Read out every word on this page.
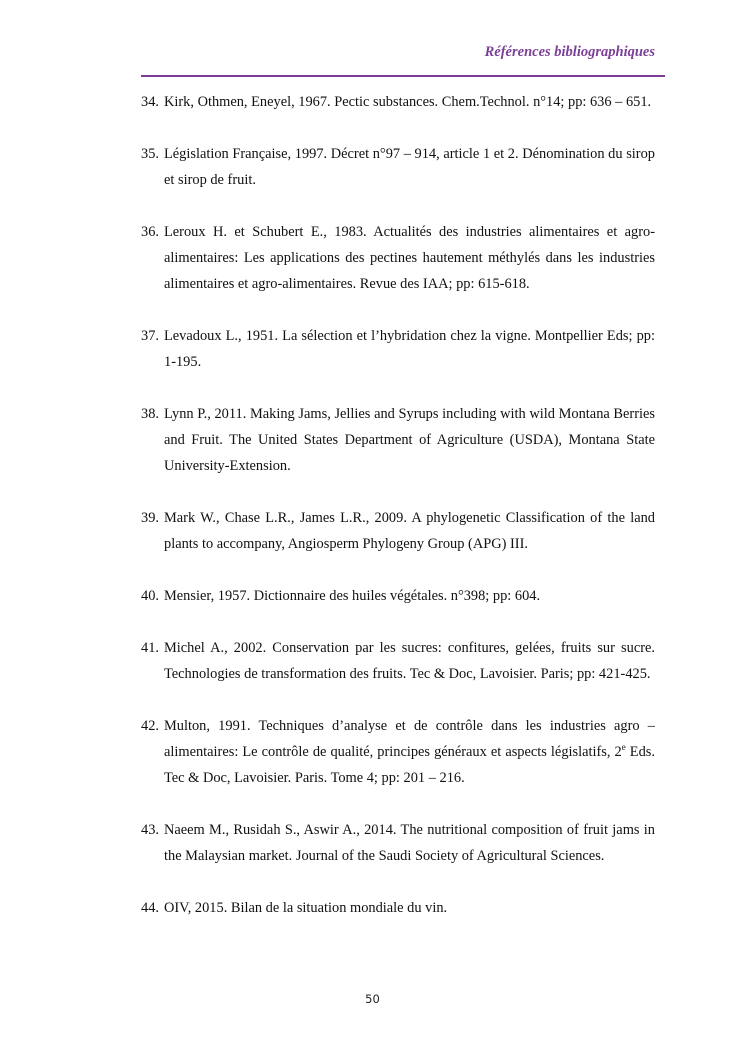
Références bibliographiques
34. Kirk, Othmen, Eneyel, 1967. Pectic substances. Chem.Technol. n°14; pp: 636 – 651.
35. Législation Française, 1997. Décret n°97 – 914, article 1 et 2. Dénomination du sirop et sirop de fruit.
36. Leroux H. et Schubert E., 1983. Actualités des industries alimentaires et agro-alimentaires: Les applications des pectines hautement méthylés dans les industries alimentaires et agro-alimentaires. Revue des IAA; pp: 615-618.
37. Levadoux L., 1951. La sélection et l’hybridation chez la vigne. Montpellier Eds; pp: 1-195.
38. Lynn P., 2011. Making Jams, Jellies and Syrups including with wild Montana Berries and Fruit. The United States Department of Agriculture (USDA), Montana State University-Extension.
39. Mark W., Chase L.R., James L.R., 2009. A phylogenetic Classification of the land plants to accompany, Angiosperm Phylogeny Group (APG) III.
40. Mensier, 1957. Dictionnaire des huiles végétales. n°398; pp: 604.
41. Michel A., 2002. Conservation par les sucres: confitures, gelées, fruits sur sucre. Technologies de transformation des fruits. Tec & Doc, Lavoisier. Paris; pp: 421-425.
42. Multon, 1991. Techniques d’analyse et de contrôle dans les industries agro – alimentaires: Le contrôle de qualité, principes généraux et aspects législatifs, 2e Eds. Tec & Doc, Lavoisier. Paris. Tome 4; pp: 201 – 216.
43. Naeem M., Rusidah S., Aswir A., 2014. The nutritional composition of fruit jams in the Malaysian market. Journal of the Saudi Society of Agricultural Sciences.
44. OIV, 2015. Bilan de la situation mondiale du vin.
50
